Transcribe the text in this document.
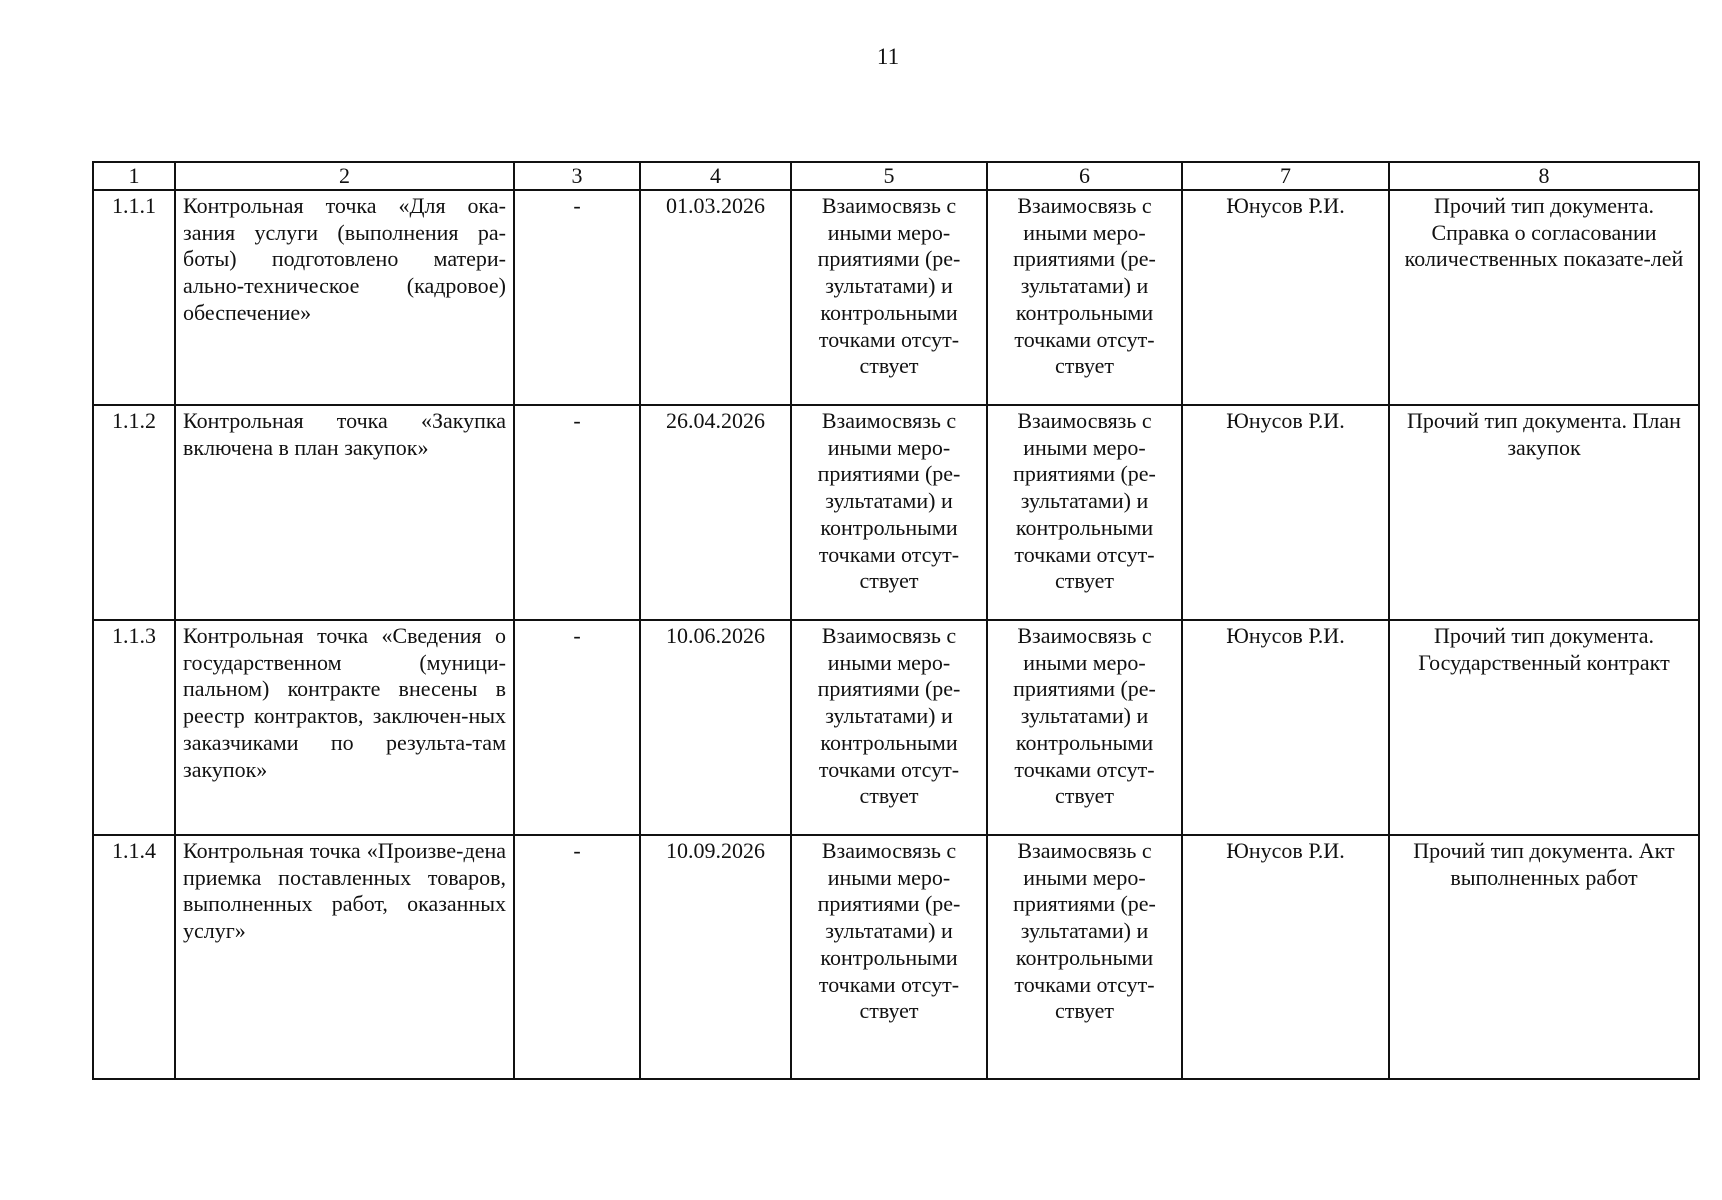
11
1	2	3	4	5	6	7	8
1.1.1	Контрольная точка «Для ока-зания услуги (выполнения ра-боты) подготовлено матери-ально-техническое (кадровое) обеспечение»	-	01.03.2026	Взаимосвязь с иными меро-приятиями (ре-зультатами) и контрольными точками отсут-ствует	Взаимосвязь с иными меро-приятиями (ре-зультатами) и контрольными точками отсут-ствует	Юнусов Р.И.	Прочий тип документа. Справка о согласовании количественных показате-лей
1.1.2	Контрольная точка «Закупка включена в план закупок»	-	26.04.2026	Взаимосвязь с иными меро-приятиями (ре-зультатами) и контрольными точками отсут-ствует	Взаимосвязь с иными меро-приятиями (ре-зультатами) и контрольными точками отсут-ствует	Юнусов Р.И.	Прочий тип документа. План закупок
1.1.3	Контрольная точка «Сведения о государственном (муници-пальном) контракте внесены в реестр контрактов, заключен-ных заказчиками по результа-там закупок»	-	10.06.2026	Взаимосвязь с иными меро-приятиями (ре-зультатами) и контрольными точками отсут-ствует	Взаимосвязь с иными меро-приятиями (ре-зультатами) и контрольными точками отсут-ствует	Юнусов Р.И.	Прочий тип документа. Государственный контракт
1.1.4	Контрольная точка «Произве-дена приемка поставленных товаров, выполненных работ, оказанных услуг»	-	10.09.2026	Взаимосвязь с иными меро-приятиями (ре-зультатами) и контрольными точками отсут-ствует	Взаимосвязь с иными меро-приятиями (ре-зультатами) и контрольными точками отсут-ствует	Юнусов Р.И.	Прочий тип документа. Акт выполненных работ
